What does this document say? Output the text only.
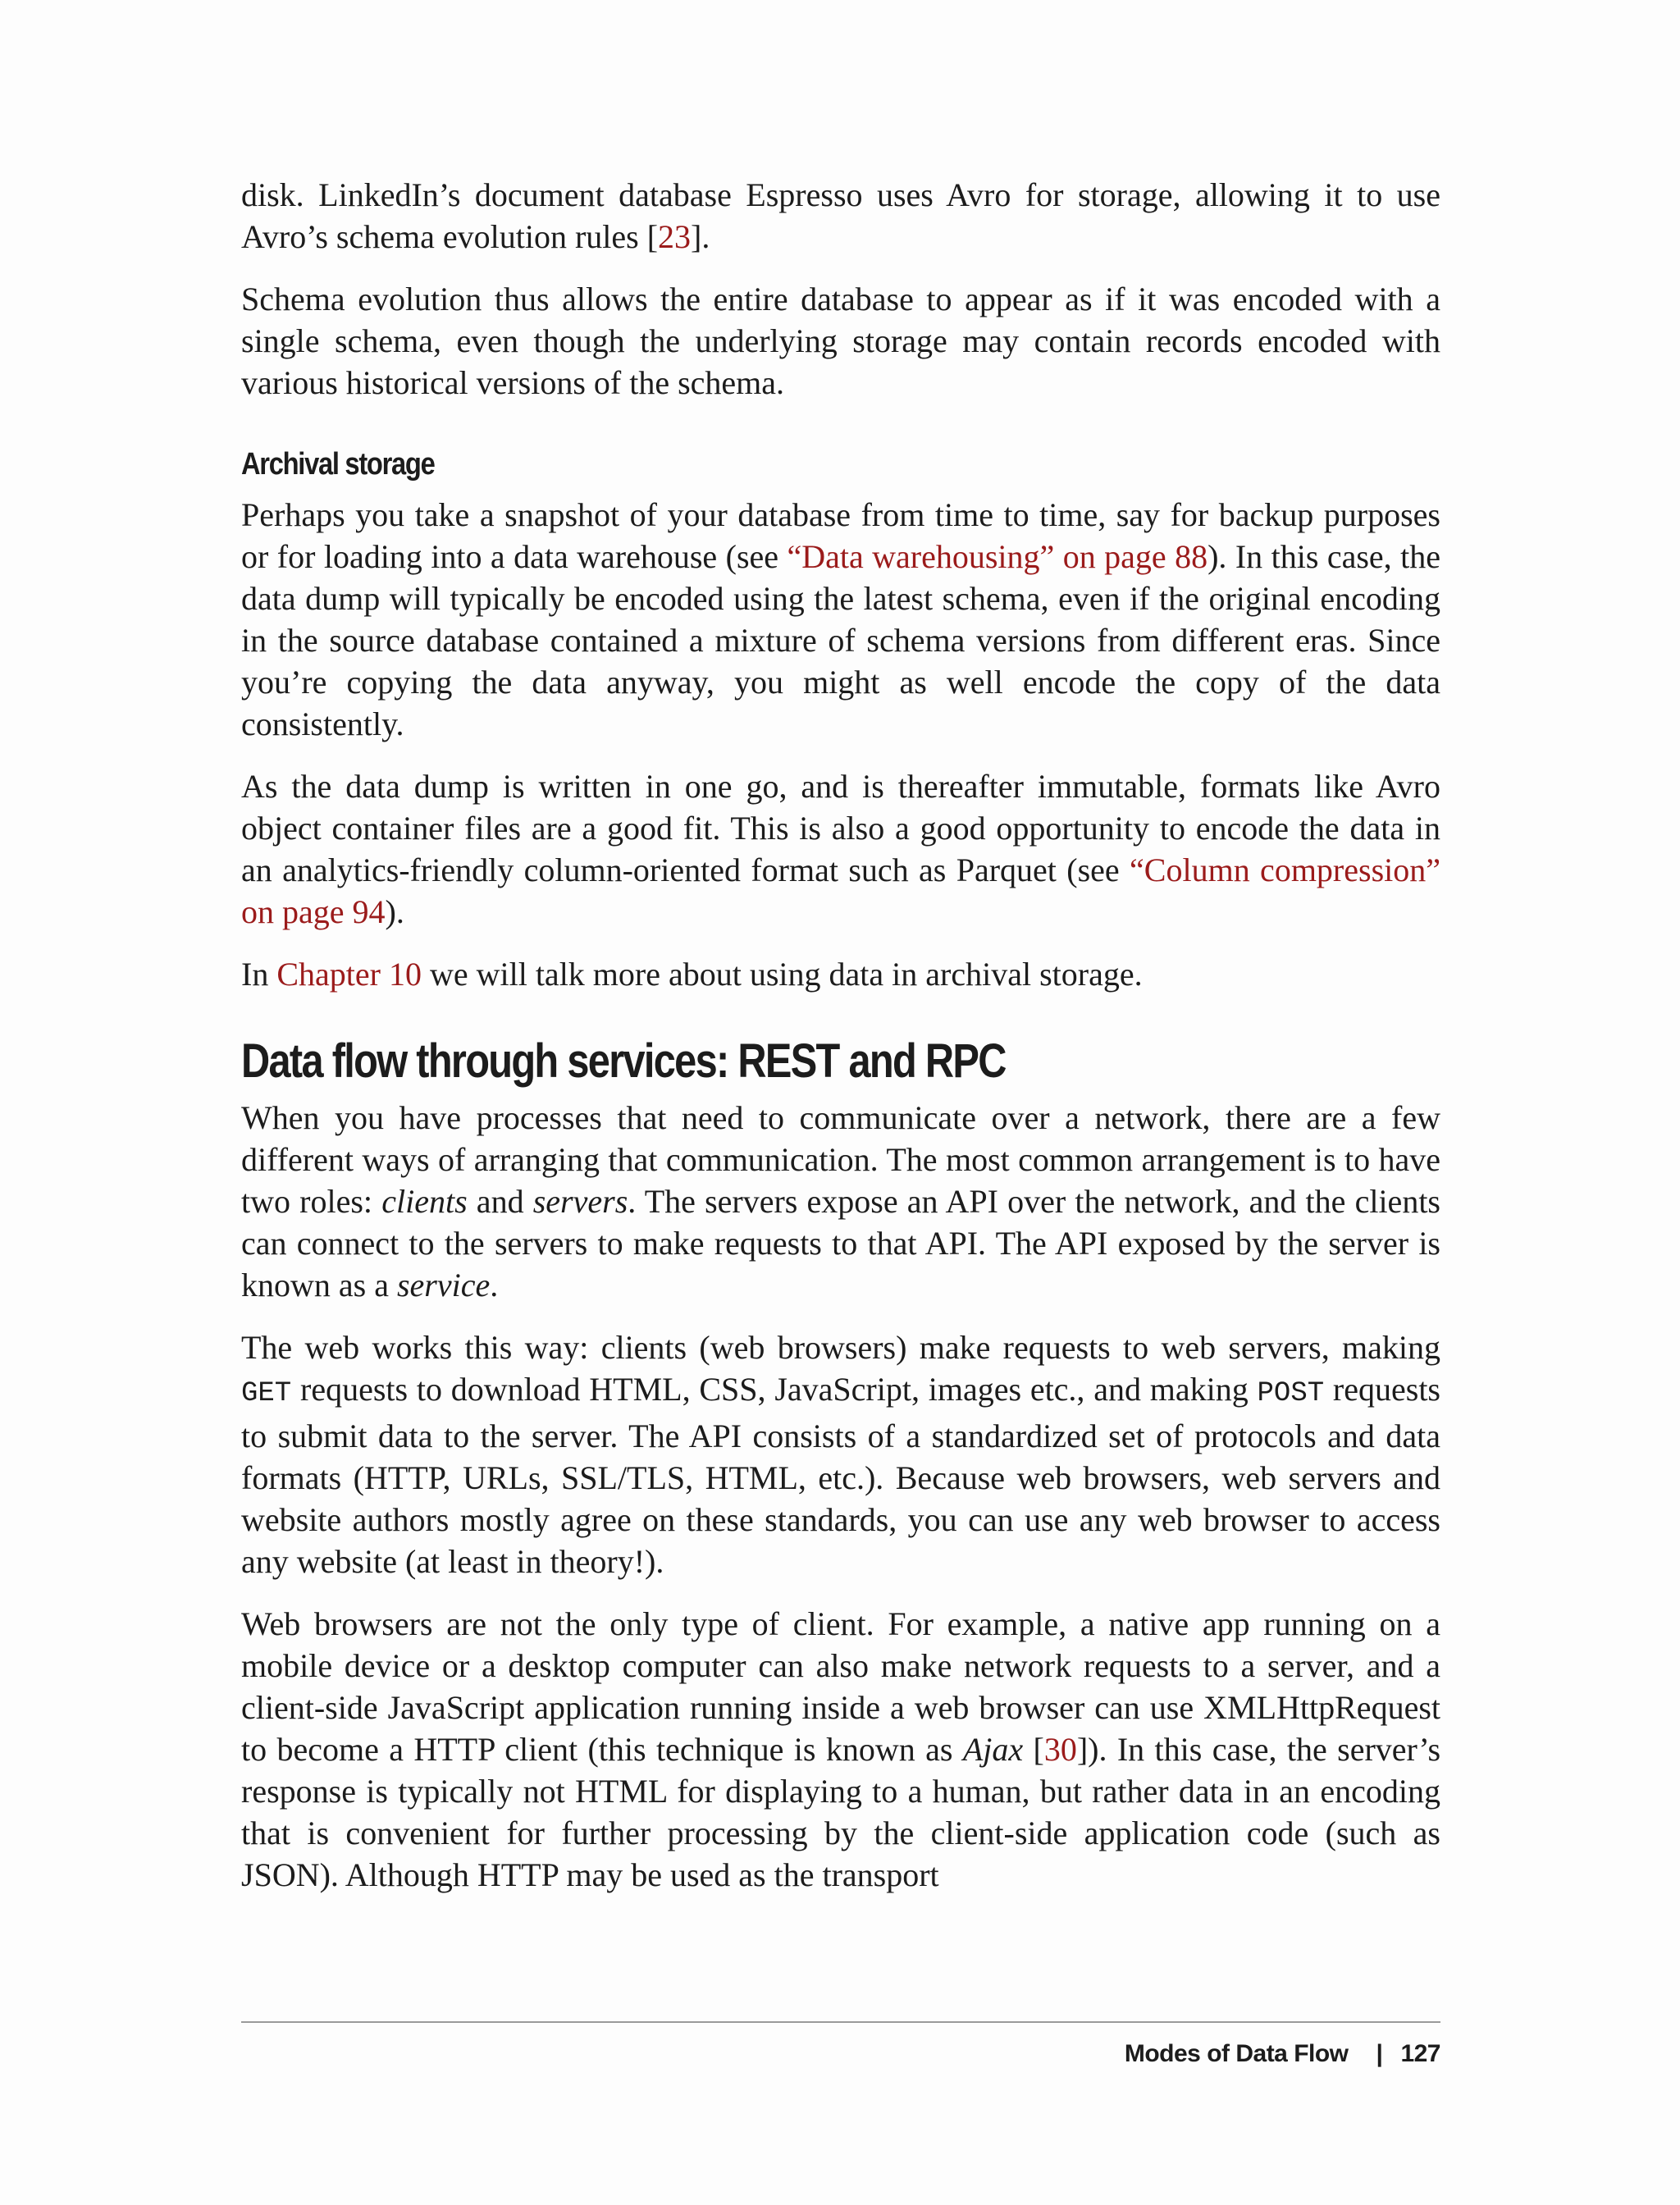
disk. LinkedIn’s document database Espresso uses Avro for storage, allowing it to use Avro’s schema evolution rules [23].

Schema evolution thus allows the entire database to appear as if it was encoded with a single schema, even though the underlying storage may contain records encoded with various historical versions of the schema.

Archival storage

Perhaps you take a snapshot of your database from time to time, say for backup purposes or for loading into a data warehouse (see “Data warehousing” on page 88). In this case, the data dump will typically be encoded using the latest schema, even if the original encoding in the source database contained a mixture of schema versions from different eras. Since you’re copying the data anyway, you might as well encode the copy of the data consistently.

As the data dump is written in one go, and is thereafter immutable, formats like Avro object container files are a good fit. This is also a good opportunity to encode the data in an analytics-friendly column-oriented format such as Parquet (see “Column compression” on page 94).

In Chapter 10 we will talk more about using data in archival storage.

Data flow through services: REST and RPC

When you have processes that need to communicate over a network, there are a few different ways of arranging that communication. The most common arrangement is to have two roles: clients and servers. The servers expose an API over the network, and the clients can connect to the servers to make requests to that API. The API exposed by the server is known as a service.

The web works this way: clients (web browsers) make requests to web servers, making GET requests to download HTML, CSS, JavaScript, images etc., and making POST requests to submit data to the server. The API consists of a standardized set of protocols and data formats (HTTP, URLs, SSL/TLS, HTML, etc.). Because web browsers, web servers and website authors mostly agree on these standards, you can use any web browser to access any website (at least in theory!).

Web browsers are not the only type of client. For example, a native app running on a mobile device or a desktop computer can also make network requests to a server, and a client-side JavaScript application running inside a web browser can use XMLHttpRequest to become a HTTP client (this technique is known as Ajax [30]). In this case, the server’s response is typically not HTML for displaying to a human, but rather data in an encoding that is convenient for further processing by the client-side application code (such as JSON). Although HTTP may be used as the transport

Modes of Data Flow | 127
